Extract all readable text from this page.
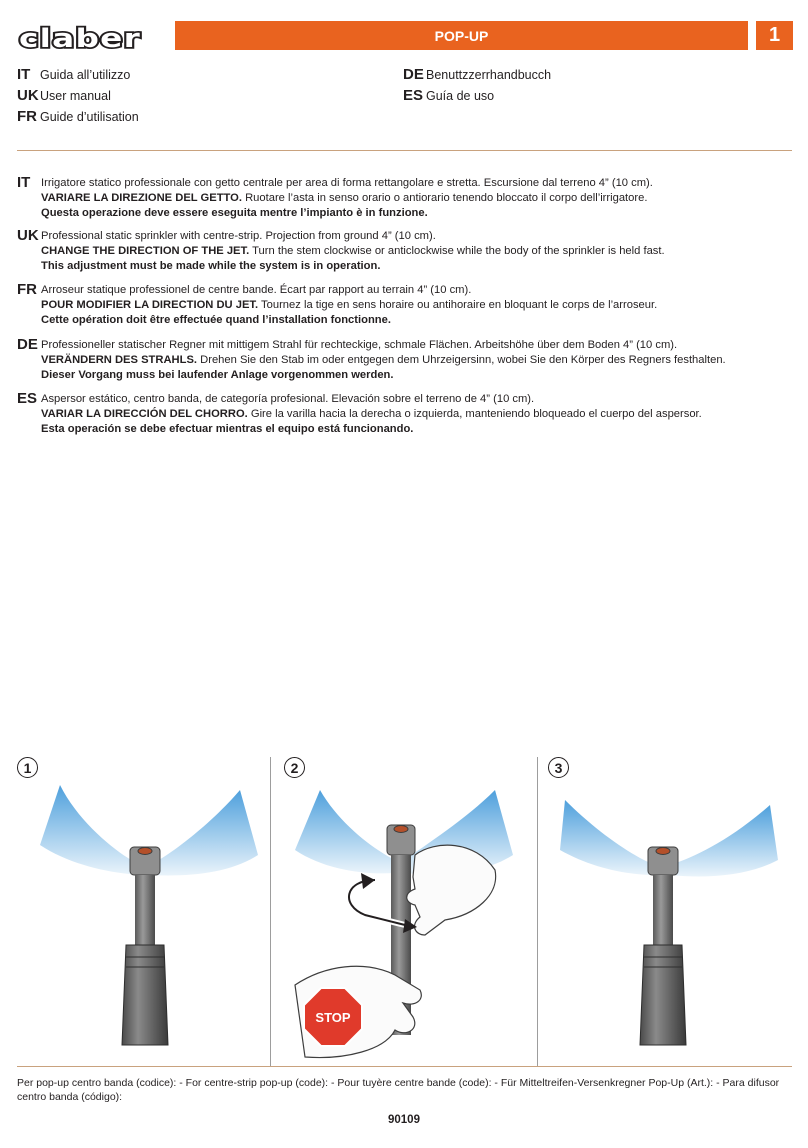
claber	POP-UP	1
IT Guida all’utilizzo
UK User manual
FR Guide d’utilisation
DE Benuttzzerrhandbucch
ES Guía de uso
IT Irrigatore statico professionale con getto centrale per area di forma rettangolare e stretta. Escursione dal terreno 4” (10 cm).
VARIARE LA DIREZIONE DEL GETTO. Ruotare l’asta in senso orario o antiorario tenendo bloccato il corpo dell’irrigatore.
Questa operazione deve essere eseguita mentre l’impianto è in funzione.
UK Professional static sprinkler with centre-strip. Projection from ground 4” (10 cm).
CHANGE THE DIRECTION OF THE JET. Turn the stem clockwise or anticlockwise while the body of the sprinkler is held fast.
This adjustment must be made while the system is in operation.
FR Arroseur statique professionel de centre bande. Écart par rapport au terrain 4” (10 cm).
POUR MODIFIER LA DIRECTION DU JET. Tournez la tige en sens horaire ou antihoraire en bloquant le corps de l’arroseur.
Cette opération doit être effectuée quand l’installation fonctionne.
DE Professioneller statischer Regner mit mittigem Strahl für rechteckige, schmale Flächen. Arbeitshöhe über dem Boden 4” (10 cm).
VERÄNDERN DES STRAHLS. Drehen Sie den Stab im oder entgegen dem Uhrzeigersinn, wobei Sie den Körper des Regners festhalten.
Dieser Vorgang muss bei laufender Anlage vorgenommen werden.
ES Aspersor estático, centro banda, de categoría profesional. Elevación sobre el terreno de 4” (10 cm).
VARIAR LA DIRECCIÓN DEL CHORRO. Gire la varilla hacia la derecha o izquierda, manteniendo bloqueado el cuerpo del aspersor.
Esta operación se debe efectuar mientras el equipo está funcionando.
1	2	3
STOP
Per pop-up centro banda (codice): - For centre-strip pop-up (code): - Pour tuyère centre bande (code): - Für Mitteltreifen-Versenkregner Pop-Up (Art.): - Para difusor centro banda (código):
90109
